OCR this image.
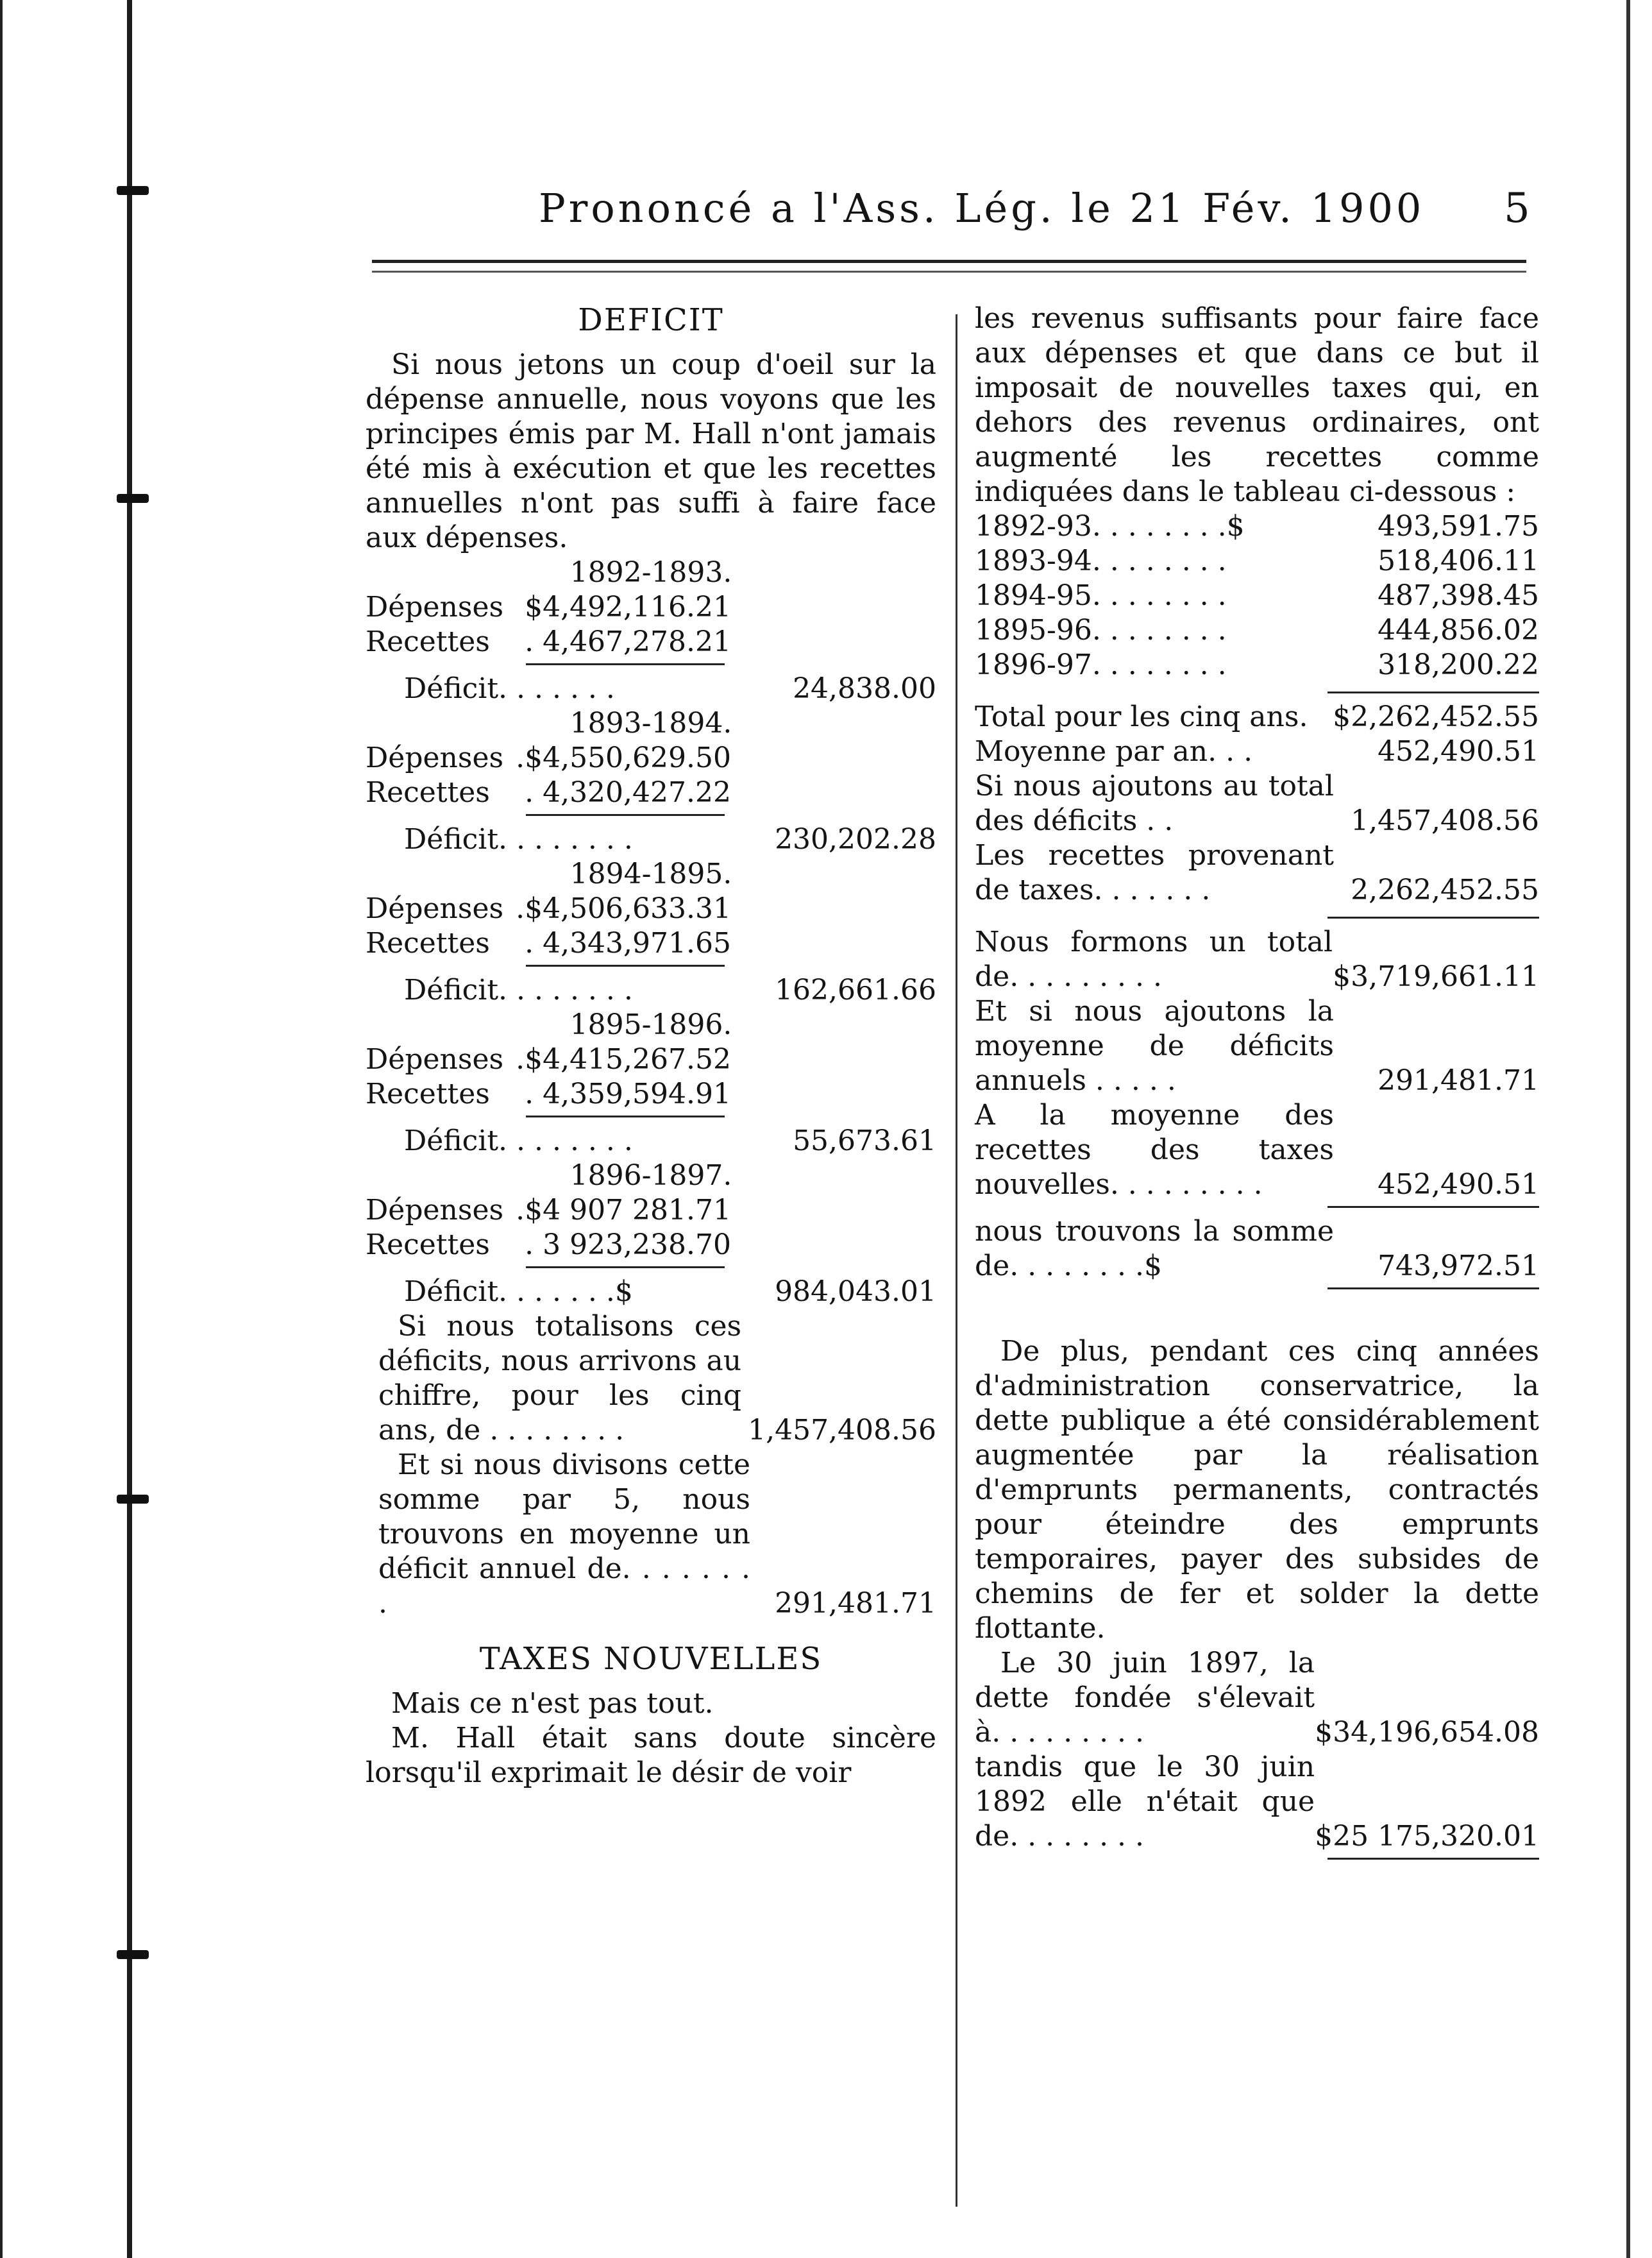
Prononcé a l'Ass. Lég. le 21 Fév. 1900 5
DEFICIT

Si nous jetons un coup d'oeil sur la dépense annuelle, nous voyons que les principes émis par M. Hall n'ont jamais été mis à exécution et que les recettes annuelles n'ont pas suffi à faire face aux dépenses.

1892-1893.
Dépenses $4,492,116.21
Recettes . 4,467,278.21
Déficit. . . . . . .	24,838.00
1893-1894.
Dépenses .$4,550,629.50
Recettes . 4,320,427.22
Déficit. . . . . . . .	230,202.28
1894-1895.
Dépenses .$4,506,633.31
Recettes . 4,343,971.65
Déficit. . . . . . . .	162,661.66
1895-1896.
Dépenses .$4,415,267.52
Recettes . 4,359,594.91
Déficit. . . . . . . .	55,673.61
1896-1897.
Dépenses .$4 907 281.71
Recettes . 3 923,238.70
Déficit. . . . . . .$	984,043.01

Si nous totalisons ces déficits, nous arrivons au chiffre, pour les cinq ans, de . . . . . . . .	1,457,408.56

Et si nous divisons cette somme par 5, nous trouvons en moyenne un déficit annuel de. . . . . . . .	291,481.71
TAXES NOUVELLES

Mais ce n'est pas tout.

M. Hall était sans doute sincère lorsqu'il exprimait le désir de voir

les revenus suffisants pour faire face aux dépenses et que dans ce but il imposait de nouvelles taxes qui, en dehors des revenus ordinaires, ont augmenté les recettes comme indiquées dans le tableau ci-dessous :

1892-93. . . . . . . .$	493,591.75
1893-94. . . . . . . .	518,406.11
1894-95. . . . . . . .	487,398.45
1895-96. . . . . . . .	444,856.02
1896-97. . . . . . . .	318,200.22
Total pour les cinq ans. $2,262,452.55
Moyenne par an. . .	452,490.51

Si nous ajoutons au total des déficits . .	1,457,408.56

Les recettes provenant de taxes. . . . . . .	2,262,452.55

Nous formons un total de. . . . . . . . .	$3,719,661.11

Et si nous ajoutons la moyenne de déficits annuels . . . . .	291,481.71

A la moyenne des recettes des taxes nouvelles. . . . . . . . .	452,490.51

nous trouvons la somme de. . . . . . . .$	743,972.51

De plus, pendant ces cinq années d'administration conservatrice, la dette publique a été considérablement augmentée par la réalisation d'emprunts permanents, contractés pour éteindre des emprunts temporaires, payer des subsides de chemins de fer et solder la dette flottante.

Le 30 juin 1897, la dette fondée s'élevait à. . . . . . . . .	$34,196,654.08

tandis que le 30 juin 1892 elle n'était que de. . . . . . . .	$25 175,320.01
